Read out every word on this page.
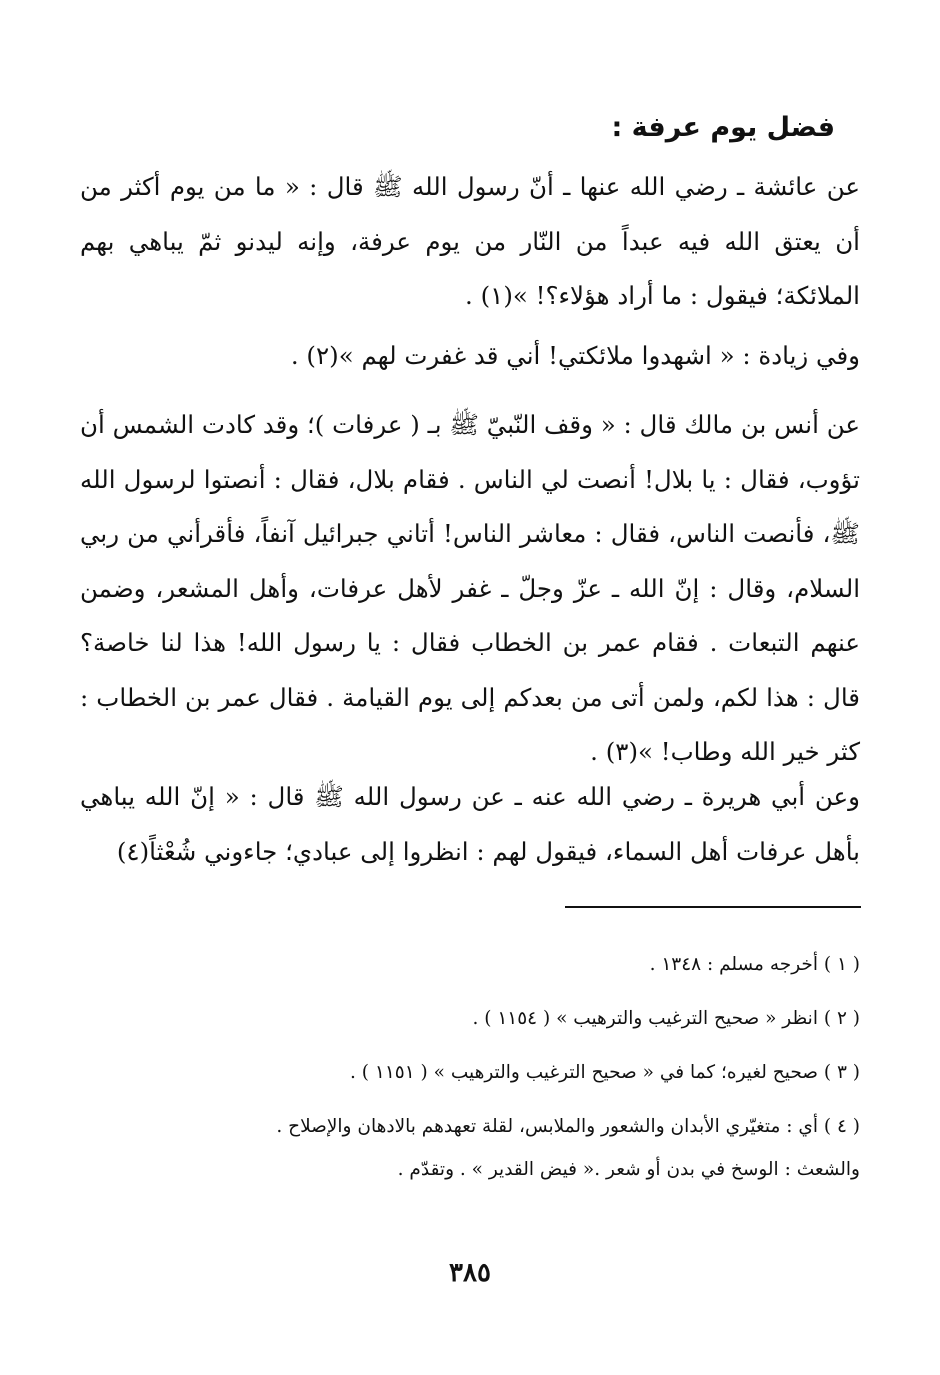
فضل يوم عرفة :

عن عائشة ـ رضي الله عنها ـ أنّ رسول الله ﷺ قال : « ما من يوم أكثر من أن يعتق الله فيه عبداً من النّار من يوم عرفة، وإنه ليدنو ثمّ يباهي بهم الملائكة؛ فيقول : ما أراد هؤلاء؟! »(١) .

وفي زيادة : « اشهدوا ملائكتي! أني قد غفرت لهم »(٢) .

عن أنس بن مالك قال : « وقف النّبيّ ﷺ بـ ( عرفات )؛ وقد كادت الشمس أن تؤوب، فقال : يا بلال! أنصت لي الناس . فقام بلال، فقال : أنصتوا لرسول الله ﷺ، فأنصت الناس، فقال : معاشر الناس! أتاني جبرائيل آنفاً، فأقرأني من ربي السلام، وقال : إنّ الله ـ عزّ وجلّ ـ غفر لأهل عرفات، وأهل المشعر، وضمن عنهم التبعات . فقام عمر بن الخطاب فقال : يا رسول الله! هذا لنا خاصة؟ قال : هذا لكم، ولمن أتى من بعدكم إلى يوم القيامة . فقال عمر بن الخطاب : كثر خير الله وطاب! »(٣) .

وعن أبي هريرة ـ رضي الله عنه ـ عن رسول الله ﷺ قال : « إنّ الله يباهي بأهل عرفات أهل السماء، فيقول لهم : انظروا إلى عبادي؛ جاءوني شُعْثاً(٤)

( ١ ) أخرجه مسلم : ١٣٤٨ .

( ٢ ) انظر « صحيح الترغيب والترهيب » ( ١١٥٤ ) .

( ٣ ) صحيح لغيره؛ كما في « صحيح الترغيب والترهيب » ( ١١٥١ ) .

( ٤ ) أي : متغيّري الأبدان والشعور والملابس، لقلة تعهدهم بالادهان والإصلاح .

والشعث : الوسخ في بدن أو شعر .« فيض القدير » . وتقدّم .

٣٨٥
